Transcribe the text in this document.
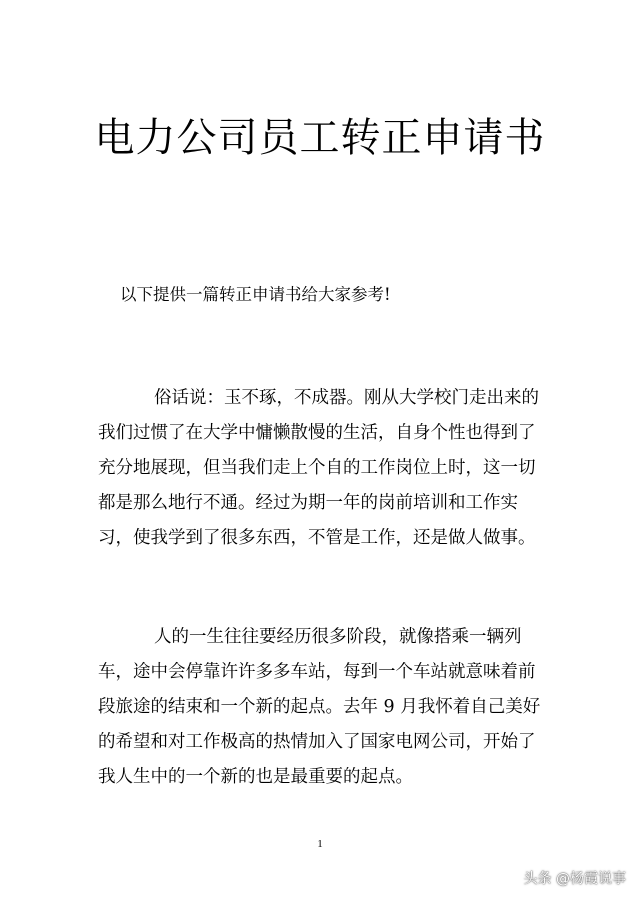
电力公司员工转正申请书
以下提供一篇转正申请书给大家参考!
俗话说：玉不琢，不成器。刚从大学校门走出来的
我们过惯了在大学中慵懒散慢的生活，自身个性也得到了
充分地展现，但当我们走上个自的工作岗位上时，这一切
都是那么地行不通。经过为期一年的岗前培训和工作实
习，使我学到了很多东西，不管是工作，还是做人做事。
人的一生往往要经历很多阶段，就像搭乘一辆列
车，途中会停靠许许多多车站，每到一个车站就意味着前
段旅途的结束和一个新的起点。去年 9 月我怀着自己美好
的希望和对工作极高的热情加入了国家电网公司，开始了
我人生中的一个新的也是最重要的起点。
1
头条 @杨霞说事
